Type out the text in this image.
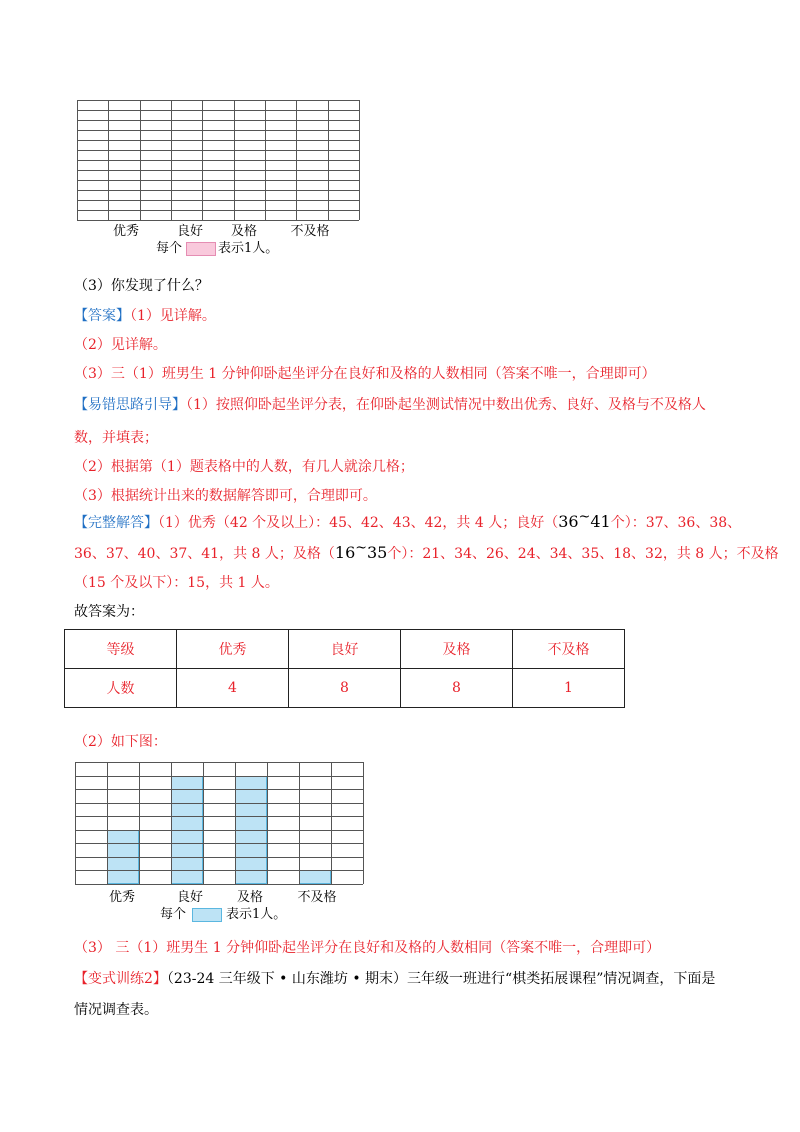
优秀	良好	及格	不及格
每个	表示1人。
（3）你发现了什么？
【答案】（1）见详解。
（2）见详解。
（3）三（1）班男生 1 分钟仰卧起坐评分在良好和及格的人数相同（答案不唯一，合理即可）
【易错思路引导】（1）按照仰卧起坐评分表，在仰卧起坐测试情况中数出优秀、良好、及格与不及格人
数，并填表；
（2）根据第（1）题表格中的人数，有几人就涂几格；
（3）根据统计出来的数据解答即可，合理即可。
【完整解答】（1）优秀（42 个及以上）：45、42、43、42，共 4 人；良好（36~41个）：37、36、38、
36、37、40、37、41，共 8 人；及格（16~35个）：21、34、26、24、34、35、18、32，共 8 人；不及格
（15 个及以下）：15，共 1 人。
故答案为：
等级	优秀	良好	及格	不及格
人数	4	8	8	1
（2）如下图：
优秀	良好	及格	不及格
每个	表示1人。
（3） 三（1）班男生 1 分钟仰卧起坐评分在良好和及格的人数相同（答案不唯一，合理即可）
【变式训练2】（23-24 三年级下 • 山东潍坊 • 期末）三年级一班进行“棋类拓展课程”情况调查，下面是
情况调查表。
